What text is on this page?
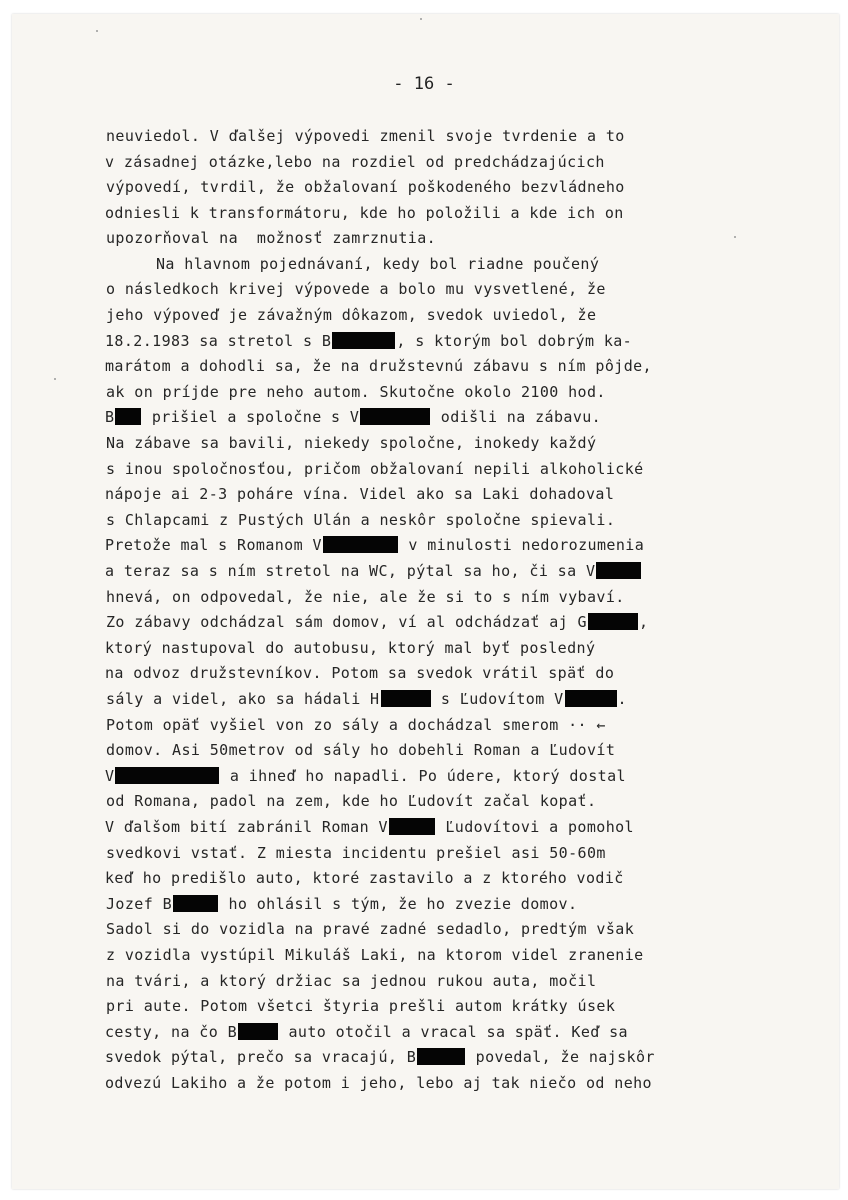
- 16 -
neuviedol. V ďalšej výpovedi zmenil svoje tvrdenie a to
v zásadnej otázke,lebo na rozdiel od predchádzajúcich
výpovedí, tvrdil, že obžalovaní poškodeného bezvládneho
odniesli k transformátoru, kde ho položili a kde ich on
upozorňoval na  možnosť zamrznutia.
Na hlavnom pojednávaní, kedy bol riadne poučený
o následkoch krivej výpovede a bolo mu vysvetlené, že
jeho výpoveď je závažným dôkazom, svedok uviedol, že
18.2.1983 sa stretol s B	, s ktorým bol dobrým ka-
marátom a dohodli sa, že na družstevnú zábavu s ním pôjde,
ak on príjde pre neho autom. Skutočne okolo 2100 hod.
B prišiel a spoločne s V	odišli na zábavu.
Na zábave sa bavili, niekedy spoločne, inokedy každý
s inou spoločnosťou, pričom obžalovaní nepili alkoholické
nápoje ai 2-3 poháre vína. Videl ako sa Laki dohadoval
s Chlapcami z Pustých Ulán a neskôr spoločne spievali.
Pretože mal s Romanom V	v minulosti nedorozumenia
a teraz sa s ním stretol na WC, pýtal sa ho, či sa V
hnevá, on odpovedal, že nie, ale že si to s ním vybaví.
Zo zábavy odchádzal sám domov, ví al odchádzať aj G	,
ktorý nastupoval do autobusu, ktorý mal byť posledný
na odvoz družstevníkov. Potom sa svedok vrátil späť do
sály a videl, ako sa hádali H	s Ľudovítom V	.
Potom opäť vyšiel von zo sály a dochádzal smerom ·· ←
domov. Asi 50metrov od sály ho dobehli Roman a Ľudovít
V	a ihneď ho napadli. Po údere, ktorý dostal
od Romana, padol na zem, kde ho Ľudovít začal kopať.
V ďalšom bití zabránil Roman V	Ľudovítovi a pomohol
svedkovi vstať. Z miesta incidentu prešiel asi 50-60m
keď ho predišlo auto, ktoré zastavilo a z ktorého vodič
Jozef B	ho ohlásil s tým, že ho zvezie domov.
Sadol si do vozidla na pravé zadné sedadlo, predtým však
z vozidla vystúpil Mikuláš Laki, na ktorom videl zranenie
na tvári, a ktorý držiac sa jednou rukou auta, močil
pri aute. Potom všetci štyria prešli autom krátky úsek
cesty, na čo B	auto otočil a vracal sa späť. Keď sa
svedok pýtal, prečo sa vracajú, B	povedal, že najskôr
odvezú Lakiho a že potom i jeho, lebo aj tak niečo od neho
